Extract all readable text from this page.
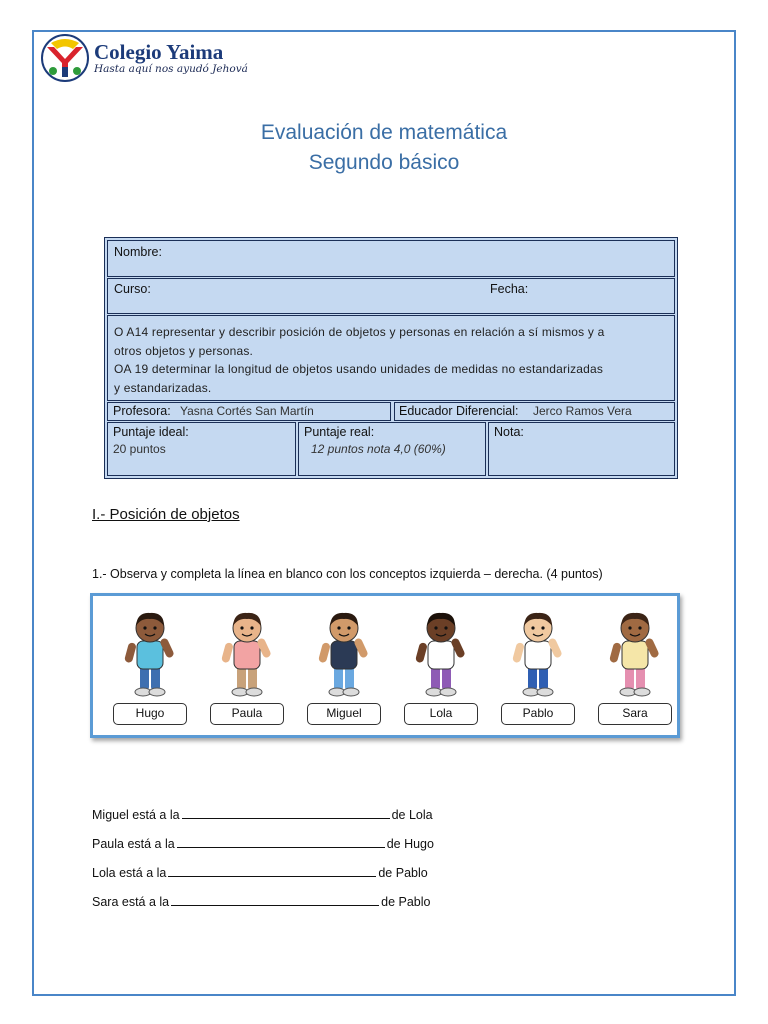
Colegio Yaima
Hasta aquí nos ayudó Jehová
Evaluación de matemática
Segundo básico
Nombre:
Curso:	Fecha:
O A14 representar y describir posición de objetos y personas en relación a sí mismos y a
otros objetos y personas.
OA 19 determinar la longitud de objetos usando unidades de medidas no estandarizadas
y estandarizadas.
Profesora: Yasna Cortés San Martín	Educador Diferencial: Jerco Ramos Vera
Puntaje ideal:
20 puntos
Puntaje real:
12 puntos nota 4,0 (60%)
Nota:
I.- Posición de objetos
1.- Observa y completa la línea en blanco con los conceptos izquierda – derecha. (4 puntos)
Hugo	Paula	Miguel	Lola	Pablo	Sara
Miguel está a la	de Lola
Paula está a la	de Hugo
Lola está a la	de Pablo
Sara está a la	de Pablo
